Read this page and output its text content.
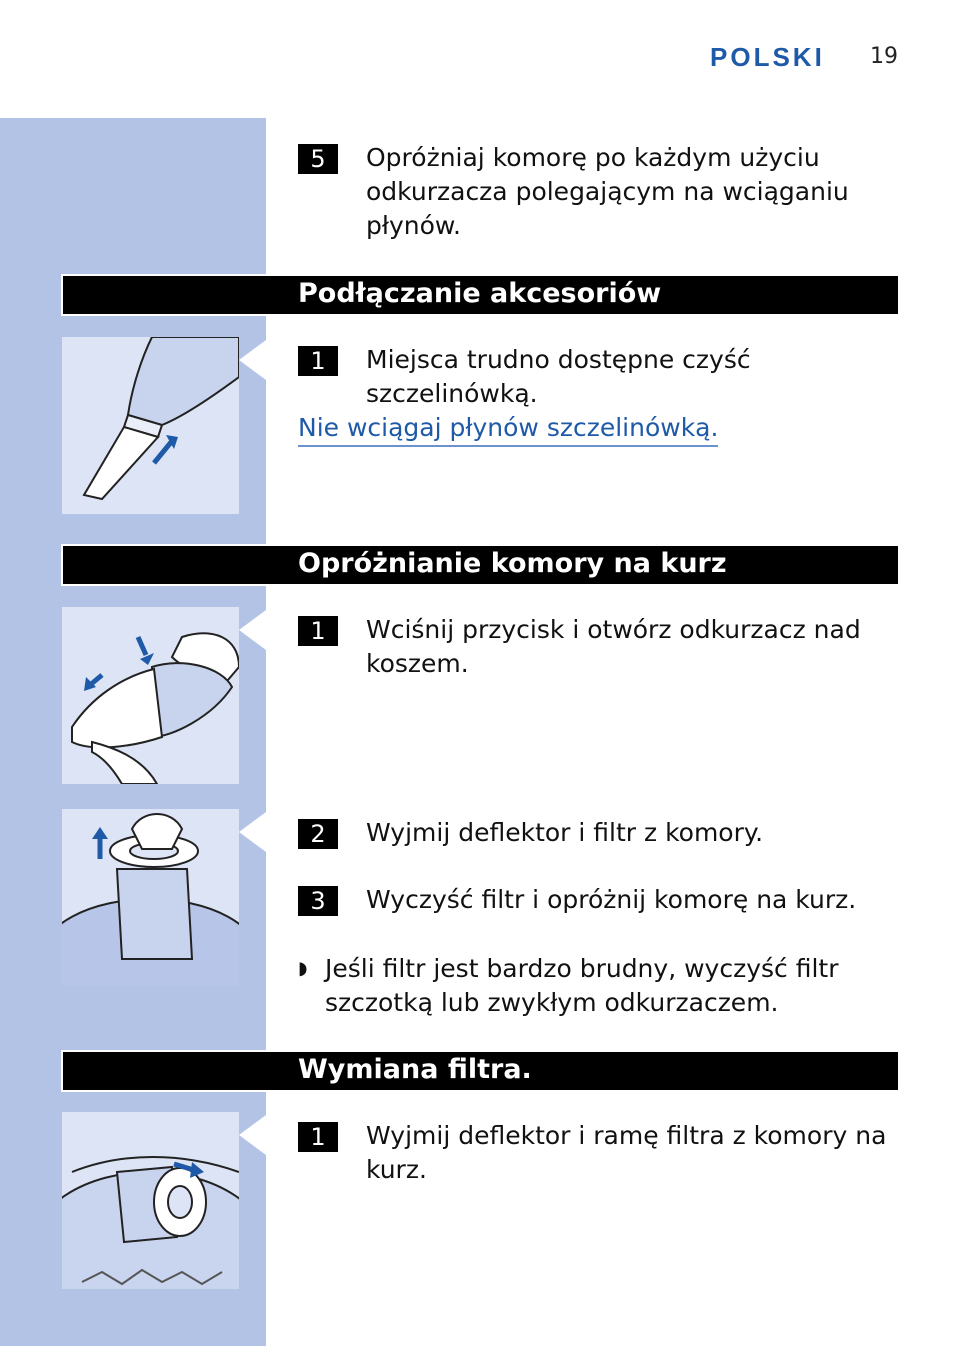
POLSKI 19
5	Opróżniaj komorę po każdym użyciu odkurzacza polegającym na wciąganiu płynów.
Podłączanie akcesoriów
1	Miejsca trudno dostępne czyść szczelinówką.
Nie wciągaj płynów szczelinówką.
Opróżnianie komory na kurz
1	Wciśnij przycisk i otwórz odkurzacz nad koszem.
2	Wyjmij deflektor i filtr z komory.
3	Wyczyść filtr i opróżnij komorę na kurz.
◗ Jeśli filtr jest bardzo brudny, wyczyść filtr szczotką lub zwykłym odkurzaczem.
Wymiana filtra.
1	Wyjmij deflektor i ramę filtra z komory na kurz.
